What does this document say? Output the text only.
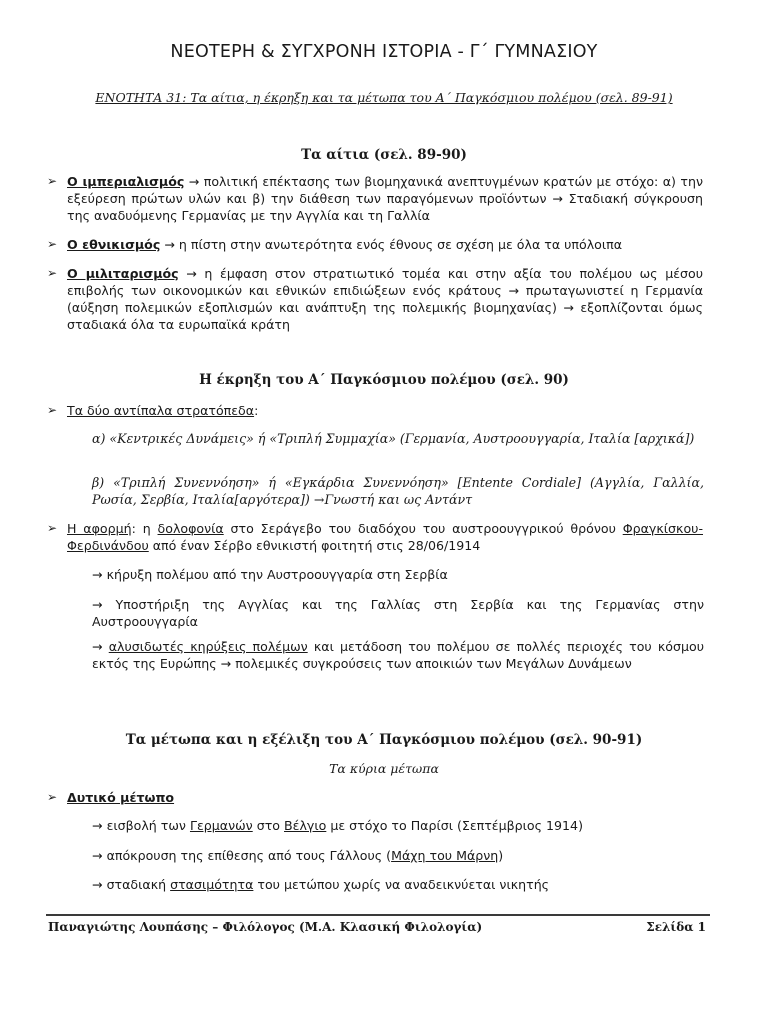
ΝΕΟΤΕΡΗ & ΣΥΓΧΡΟΝΗ ΙΣΤΟΡΙΑ - Γ΄ ΓΥΜΝΑΣΙΟΥ
ΕΝΟΤΗΤΑ 31: Τα αίτια, η έκρηξη και τα μέτωπα του Α΄ Παγκόσμιου πολέμου (σελ. 89-91)
Τα αίτια (σελ. 89-90)
➢ Ο ιμπεριαλισμός → πολιτική επέκτασης των βιομηχανικά ανεπτυγμένων κρατών με στόχο: α) την εξεύρεση πρώτων υλών και β) την διάθεση των παραγόμενων προϊόντων → Σταδιακή σύγκρουση της αναδυόμενης Γερμανίας με την Αγγλία και τη Γαλλία
➢ Ο εθνικισμός → η πίστη στην ανωτερότητα ενός έθνους σε σχέση με όλα τα υπόλοιπα
➢ Ο μιλιταρισμός → η έμφαση στον στρατιωτικό τομέα και στην αξία του πολέμου ως μέσου επιβολής των οικονομικών και εθνικών επιδιώξεων ενός κράτους → πρωταγωνιστεί η Γερμανία (αύξηση πολεμικών εξοπλισμών και ανάπτυξη της πολεμικής βιομηχανίας) → εξοπλίζονται όμως σταδιακά όλα τα ευρωπαϊκά κράτη
Η έκρηξη του Α΄ Παγκόσμιου πολέμου (σελ. 90)
➢ Τα δύο αντίπαλα στρατόπεδα:
α) «Κεντρικές Δυνάμεις» ή «Τριπλή Συμμαχία» (Γερμανία, Αυστροουγγαρία, Ιταλία [αρχικά])
β) «Τριπλή Συνεννόηση» ή «Εγκάρδια Συνεννόηση» [Entente Cordiale] (Αγγλία, Γαλλία, Ρωσία, Σερβία, Ιταλία[αργότερα]) →Γνωστή και ως Αντάντ
➢ Η αφορμή: η δολοφονία στο Σεράγεβο του διαδόχου του αυστροουγγρικού θρόνου Φραγκίσκου-Φερδινάνδου από έναν Σέρβο εθνικιστή φοιτητή στις 28/06/1914
→ κήρυξη πολέμου από την Αυστροουγγαρία στη Σερβία
→ Υποστήριξη της Αγγλίας και της Γαλλίας στη Σερβία και της Γερμανίας στην Αυστροουγγαρία
→ αλυσιδωτές κηρύξεις πολέμων και μετάδοση του πολέμου σε πολλές περιοχές του κόσμου εκτός της Ευρώπης → πολεμικές συγκρούσεις των αποικιών των Μεγάλων Δυνάμεων
Τα μέτωπα και η εξέλιξη του Α΄ Παγκόσμιου πολέμου (σελ. 90-91)
Τα κύρια μέτωπα
➢ Δυτικό μέτωπο
→ εισβολή των Γερμανών στο Βέλγιο με στόχο το Παρίσι (Σεπτέμβριος 1914)
→ απόκρουση της επίθεσης από τους Γάλλους (Μάχη του Μάρνη)
→ σταδιακή στασιμότητα του μετώπου χωρίς να αναδεικνύεται νικητής
Παναγιώτης Λουπάσης – Φιλόλογος (Μ.Α. Κλασική Φιλολογία)	Σελίδα 1
